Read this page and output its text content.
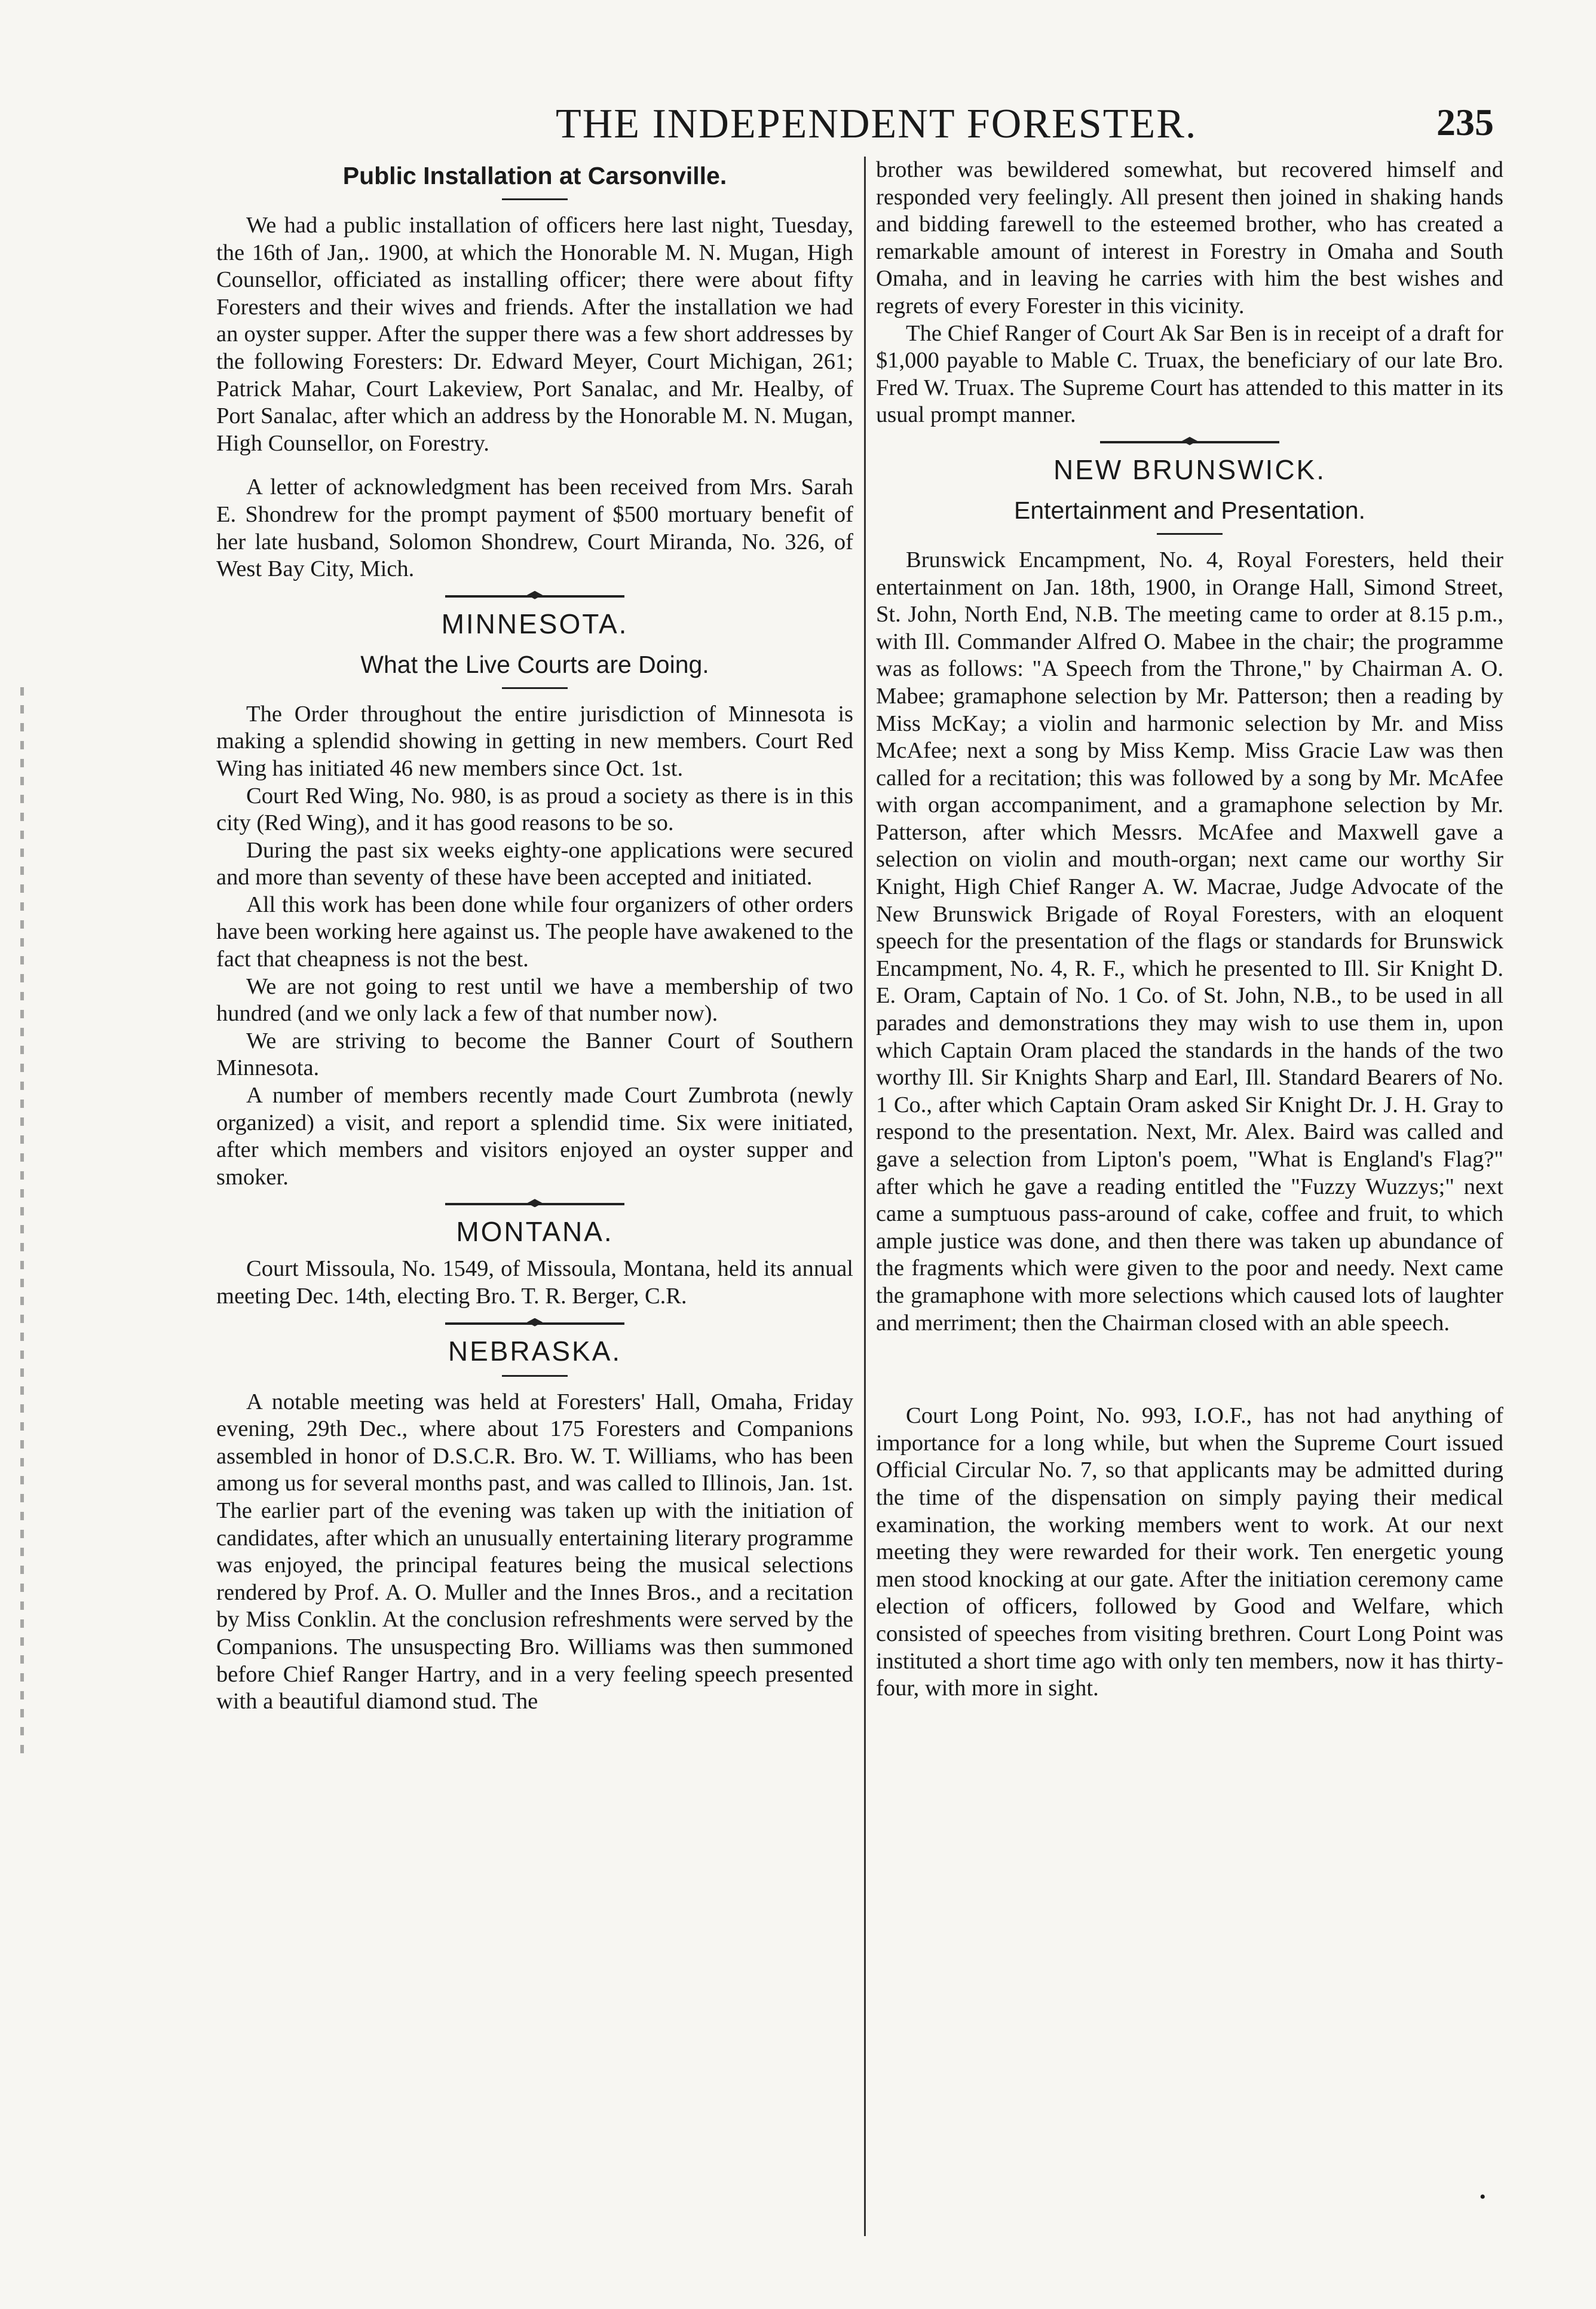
THE INDEPENDENT FORESTER.	235
Public Installation at Carsonville.

We had a public installation of officers here last night, Tuesday, the 16th of Jan,. 1900, at which the Honorable M. N. Mugan, High Counsellor, officiated as installing officer; there were about fifty Foresters and their wives and friends. After the installation we had an oyster supper. After the supper there was a few short addresses by the following Foresters: Dr. Edward Meyer, Court Michigan, 261; Patrick Mahar, Court Lakeview, Port Sanalac, and Mr. Healby, of Port Sanalac, after which an address by the Honorable M. N. Mugan, High Counsellor, on Forestry.

A letter of acknowledgment has been received from Mrs. Sarah E. Shondrew for the prompt payment of $500 mortuary benefit of her late husband, Solomon Shondrew, Court Miranda, No. 326, of West Bay City, Mich.

MINNESOTA.
What the Live Courts are Doing.

The Order throughout the entire jurisdiction of Minnesota is making a splendid showing in getting in new members. Court Red Wing has initiated 46 new members since Oct. 1st.

Court Red Wing, No. 980, is as proud a society as there is in this city (Red Wing), and it has good reasons to be so.

During the past six weeks eighty-one applications were secured and more than seventy of these have been accepted and initiated.

All this work has been done while four organizers of other orders have been working here against us. The people have awakened to the fact that cheapness is not the best.

We are not going to rest until we have a membership of two hundred (and we only lack a few of that number now).

We are striving to become the Banner Court of Southern Minnesota.

A number of members recently made Court Zumbrota (newly organized) a visit, and report a splendid time. Six were initiated, after which members and visitors enjoyed an oyster supper and smoker.

MONTANA.

Court Missoula, No. 1549, of Missoula, Montana, held its annual meeting Dec. 14th, electing Bro. T. R. Berger, C.R.

NEBRASKA.

A notable meeting was held at Foresters' Hall, Omaha, Friday evening, 29th Dec., where about 175 Foresters and Companions assembled in honor of D.S.C.R. Bro. W. T. Williams, who has been among us for several months past, and was called to Illinois, Jan. 1st. The earlier part of the evening was taken up with the initiation of candidates, after which an unusually entertaining literary programme was enjoyed, the principal features being the musical selections rendered by Prof. A. O. Muller and the Innes Bros., and a recitation by Miss Conklin. At the conclusion refreshments were served by the Companions. The unsuspecting Bro. Williams was then summoned before Chief Ranger Hartry, and in a very feeling speech presented with a beautiful diamond stud. The

brother was bewildered somewhat, but recovered himself and responded very feelingly. All present then joined in shaking hands and bidding farewell to the esteemed brother, who has created a remarkable amount of interest in Forestry in Omaha and South Omaha, and in leaving he carries with him the best wishes and regrets of every Forester in this vicinity.

The Chief Ranger of Court Ak Sar Ben is in receipt of a draft for $1,000 payable to Mable C. Truax, the beneficiary of our late Bro. Fred W. Truax. The Supreme Court has attended to this matter in its usual prompt manner.

NEW BRUNSWICK.
Entertainment and Presentation.

Brunswick Encampment, No. 4, Royal Foresters, held their entertainment on Jan. 18th, 1900, in Orange Hall, Simond Street, St. John, North End, N.B. The meeting came to order at 8.15 p.m., with Ill. Commander Alfred O. Mabee in the chair; the programme was as follows: "A Speech from the Throne," by Chairman A. O. Mabee; gramaphone selection by Mr. Patterson; then a reading by Miss McKay; a violin and harmonic selection by Mr. and Miss McAfee; next a song by Miss Kemp. Miss Gracie Law was then called for a recitation; this was followed by a song by Mr. McAfee with organ accompaniment, and a gramaphone selection by Mr. Patterson, after which Messrs. McAfee and Maxwell gave a selection on violin and mouth-organ; next came our worthy Sir Knight, High Chief Ranger A. W. Macrae, Judge Advocate of the New Brunswick Brigade of Royal Foresters, with an eloquent speech for the presentation of the flags or standards for Brunswick Encampment, No. 4, R. F., which he presented to Ill. Sir Knight D. E. Oram, Captain of No. 1 Co. of St. John, N.B., to be used in all parades and demonstrations they may wish to use them in, upon which Captain Oram placed the standards in the hands of the two worthy Ill. Sir Knights Sharp and Earl, Ill. Standard Bearers of No. 1 Co., after which Captain Oram asked Sir Knight Dr. J. H. Gray to respond to the presentation. Next, Mr. Alex. Baird was called and gave a selection from Lipton's poem, "What is England's Flag?" after which he gave a reading entitled the "Fuzzy Wuzzys;" next came a sumptuous pass-around of cake, coffee and fruit, to which ample justice was done, and then there was taken up abundance of the fragments which were given to the poor and needy. Next came the gramaphone with more selections which caused lots of laughter and merriment; then the Chairman closed with an able speech.

Court Long Point, No. 993, I.O.F., has not had anything of importance for a long while, but when the Supreme Court issued Official Circular No. 7, so that applicants may be admitted during the time of the dispensation on simply paying their medical examination, the working members went to work. At our next meeting they were rewarded for their work. Ten energetic young men stood knocking at our gate. After the initiation ceremony came election of officers, followed by Good and Welfare, which consisted of speeches from visiting brethren. Court Long Point was instituted a short time ago with only ten members, now it has thirty-four, with more in sight.

•
